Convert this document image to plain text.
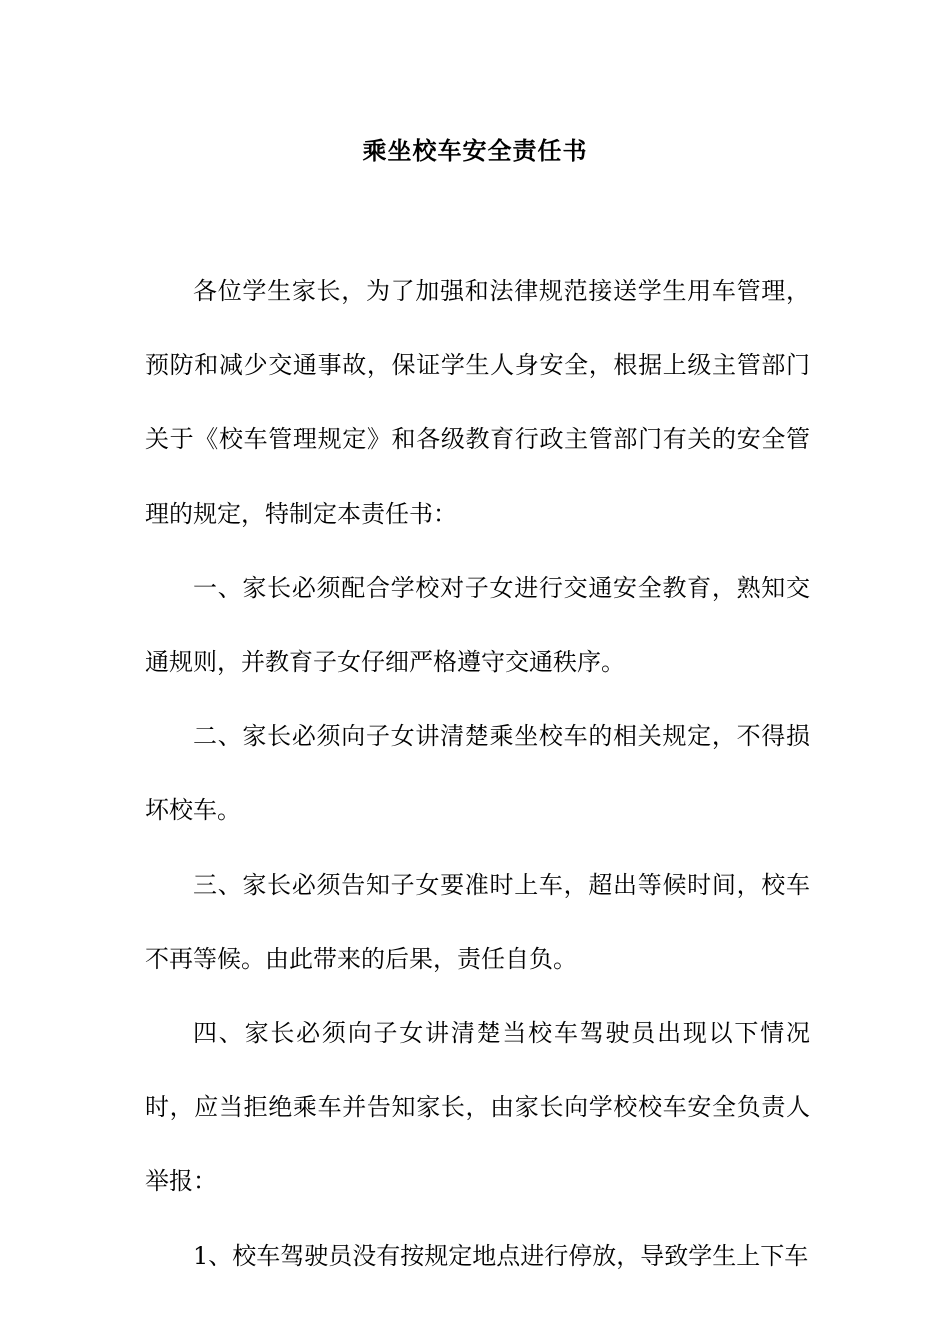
乘坐校车安全责任书

各位学生家长，为了加强和法律规范接送学生用车管理，预防和减少交通事故，保证学生人身安全，根据上级主管部门关于《校车管理规定》和各级教育行政主管部门有关的安全管理的规定，特制定本责任书：

一、家长必须配合学校对子女进行交通安全教育，熟知交通规则，并教育子女仔细严格遵守交通秩序。

二、家长必须向子女讲清楚乘坐校车的相关规定，不得损坏校车。

三、家长必须告知子女要准时上车，超出等候时间，校车不再等候。由此带来的后果，责任自负。

四、家长必须向子女讲清楚当校车驾驶员出现以下情况时，应当拒绝乘车并告知家长，由家长向学校校车安全负责人举报：

1、校车驾驶员没有按规定地点进行停放，导致学生上下车
